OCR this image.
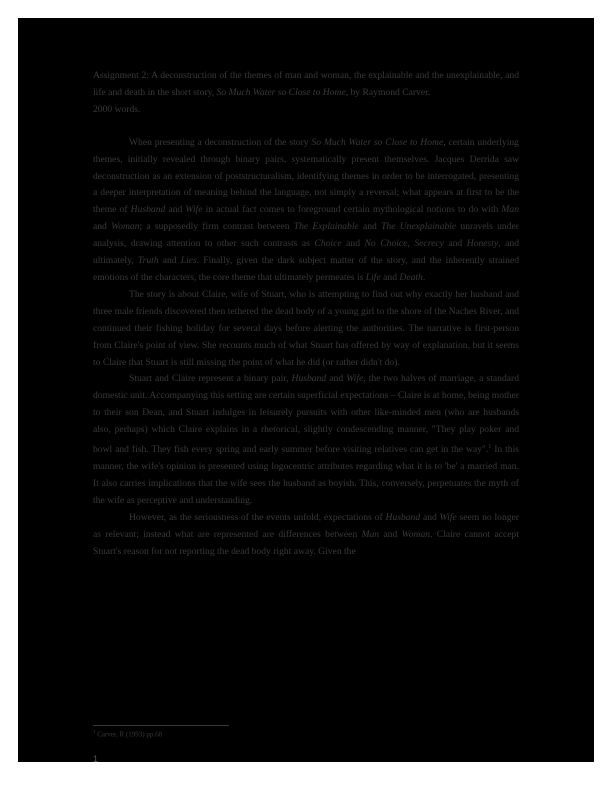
Assignment 2: A deconstruction of the themes of man and woman, the explainable and the unexplainable, and life and death in the short story, So Much Water so Close to Home, by Raymond Carver.

2000 words.

When presenting a deconstruction of the story So Much Water so Close to Home, certain underlying themes, initially revealed through binary pairs, systematically present themselves. Jacques Derrida saw deconstruction as an extension of poststructuralism, identifying themes in order to be interrogated, presenting a deeper interpretation of meaning behind the language, not simply a reversal; what appears at first to be the theme of Husband and Wife in actual fact comes to foreground certain mythological notions to do with Man and Woman; a supposedly firm contrast between The Explainable and The Unexplainable unravels under analysis, drawing attention to other such contrasts as Choice and No Choice, Secrecy and Honesty, and ultimately, Truth and Lies. Finally, given the dark subject matter of the story, and the inherently strained emotions of the characters, the core theme that ultimately permeates is Life and Death.

The story is about Claire, wife of Stuart, who is attempting to find out why exactly her husband and three male friends discovered then tethered the dead body of a young girl to the shore of the Naches River, and continued their fishing holiday for several days before alerting the authorities. The narrative is first-person from Claire's point of view. She recounts much of what Stuart has offered by way of explanation, but it seems to Claire that Stuart is still missing the point of what he did (or rather didn't do).

Stuart and Claire represent a binary pair, Husband and Wife, the two halves of marriage, a standard domestic unit. Accompanying this setting are certain superficial expectations – Claire is at home, being mother to their son Dean, and Stuart indulges in leisurely pursuits with other like-minded men (who are husbands also, perhaps) which Claire explains in a rhetorical, slightly condescending manner, "They play poker and bowl and fish. They fish every spring and early summer before visiting relatives can get in the way".$^1$ In this manner, the wife's opinion is presented using logocentric attributes regarding what it is to 'be' a married man. It also carries implications that the wife sees the husband as boyish. This, conversely, perpetuates the myth of the wife as perceptive and understanding.

However, as the seriousness of the events unfold, expectations of Husband and Wife seem no longer as relevant; instead what are represented are differences between Man and Woman. Claire cannot accept Stuart's reason for not reporting the dead body right away. Given the

$^1$ Carver, R (1993) pp.68
1
